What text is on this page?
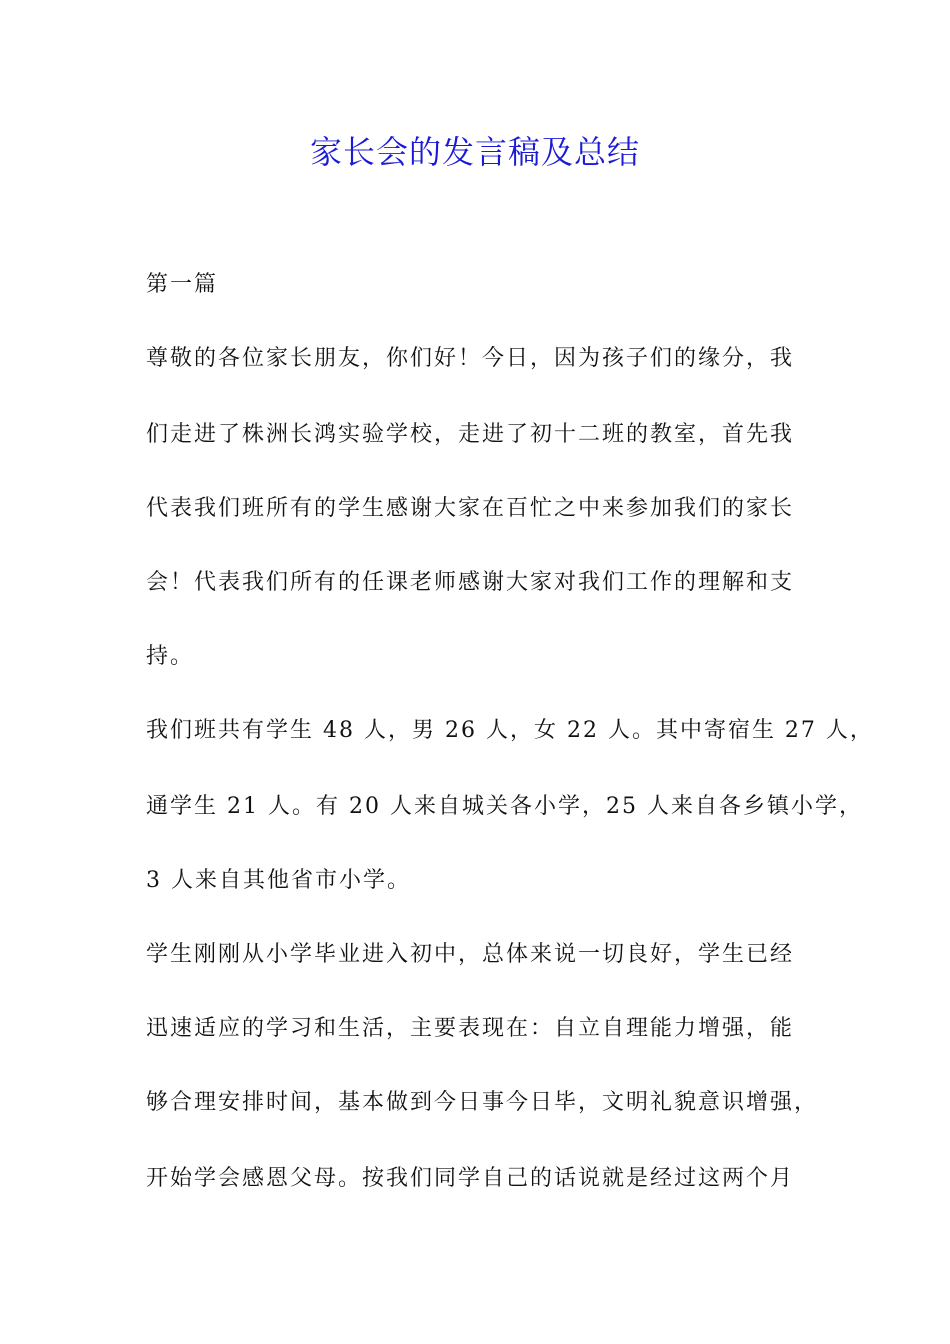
家长会的发言稿及总结
第一篇
尊敬的各位家长朋友，你们好！今日，因为孩子们的缘分，我
们走进了株洲长鸿实验学校，走进了初十二班的教室，首先我
代表我们班所有的学生感谢大家在百忙之中来参加我们的家长
会！代表我们所有的任课老师感谢大家对我们工作的理解和支
持。
我们班共有学生 48 人，男 26 人，女 22 人。其中寄宿生 27 人，
通学生 21 人。有 20 人来自城关各小学，25 人来自各乡镇小学，
3 人来自其他省市小学。
学生刚刚从小学毕业进入初中，总体来说一切良好，学生已经
迅速适应的学习和生活，主要表现在：自立自理能力增强，能
够合理安排时间，基本做到今日事今日毕，文明礼貌意识增强，
开始学会感恩父母。按我们同学自己的话说就是经过这两个月
